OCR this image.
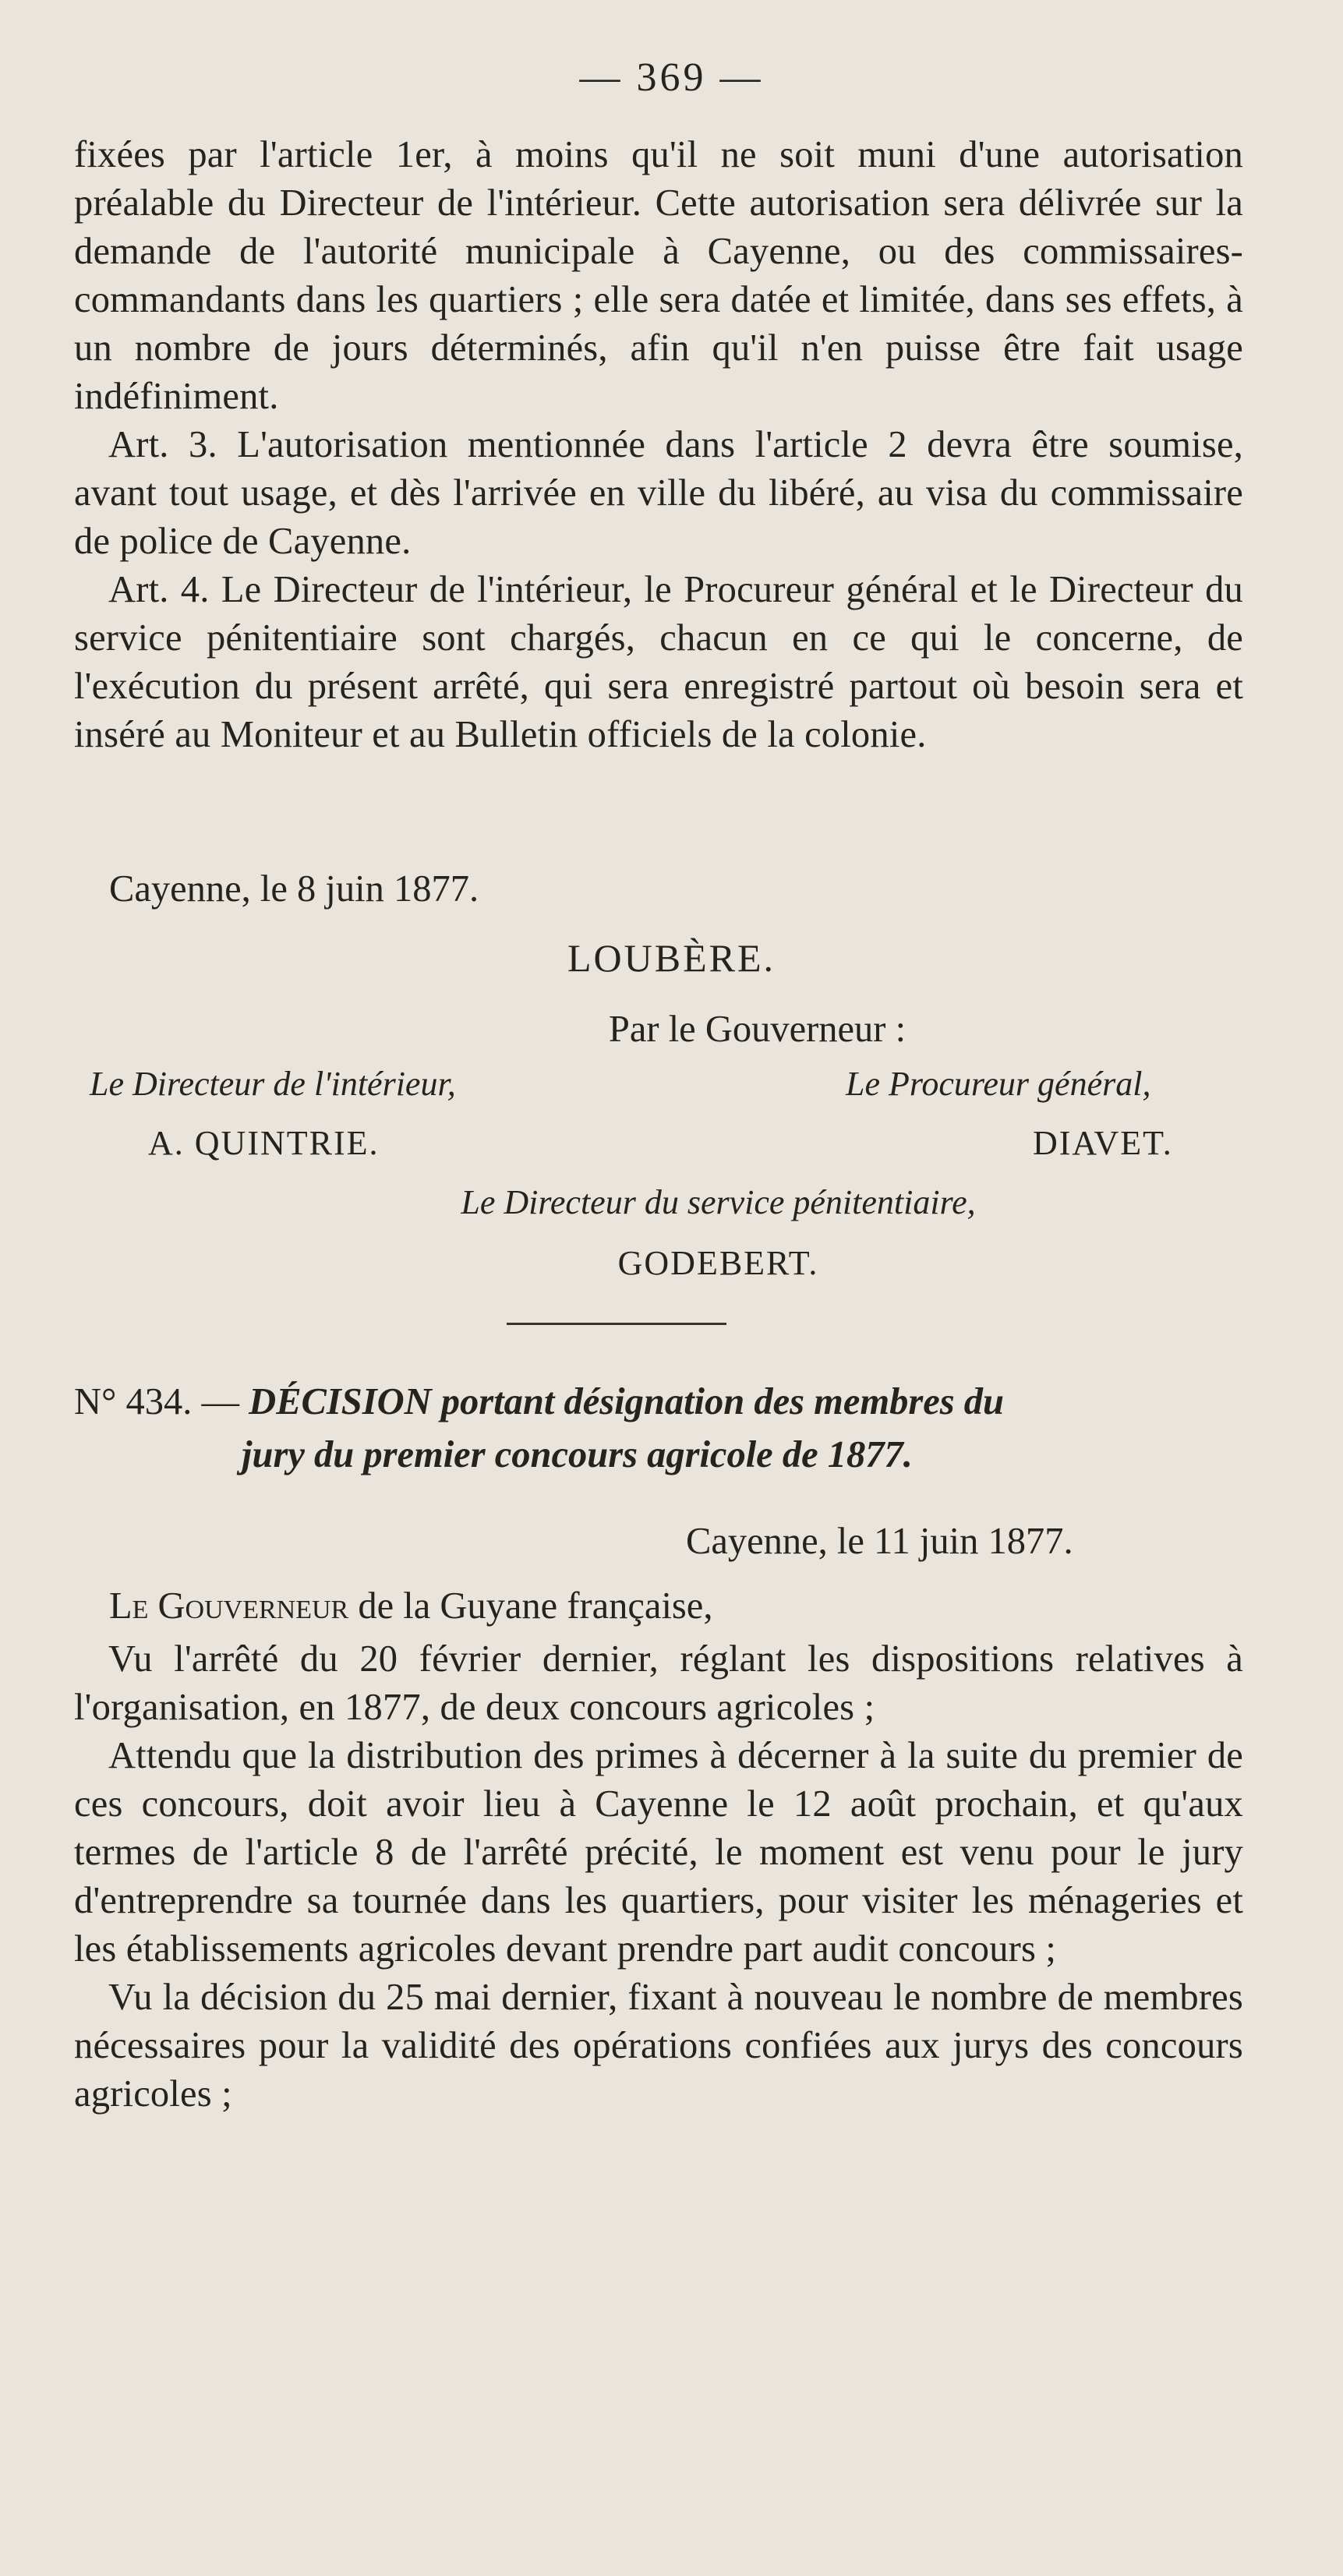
— 369 —

fixées par l'article 1er, à moins qu'il ne soit muni d'une autorisation préalable du Directeur de l'intérieur. Cette autorisation sera délivrée sur la demande de l'autorité municipale à Cayenne, ou des commissaires-commandants dans les quartiers ; elle sera datée et limitée, dans ses effets, à un nombre de jours déterminés, afin qu'il n'en puisse être fait usage indéfiniment.

Art. 3. L'autorisation mentionnée dans l'article 2 devra être soumise, avant tout usage, et dès l'arrivée en ville du libéré, au visa du commissaire de police de Cayenne.

Art. 4. Le Directeur de l'intérieur, le Procureur général et le Directeur du service pénitentiaire sont chargés, chacun en ce qui le concerne, de l'exécution du présent arrêté, qui sera enregistré partout où besoin sera et inséré au Moniteur et au Bulletin officiels de la colonie.

Cayenne, le 8 juin 1877.
LOUBÈRE.
Par le Gouverneur :
Le Directeur de l'intérieur,	Le Procureur général,
A. QUINTRIE.	DIAVET.
Le Directeur du service pénitentiaire,
GODEBERT.
N° 434. — DÉCISION portant désignation des membres du
jury du premier concours agricole de 1877.
Cayenne, le 11 juin 1877.
Le Gouverneur de la Guyane française,

Vu l'arrêté du 20 février dernier, réglant les dispositions relatives à l'organisation, en 1877, de deux concours agricoles ;

Attendu que la distribution des primes à décerner à la suite du premier de ces concours, doit avoir lieu à Cayenne le 12 août prochain, et qu'aux termes de l'article 8 de l'arrêté précité, le moment est venu pour le jury d'entreprendre sa tournée dans les quartiers, pour visiter les ménageries et les établissements agricoles devant prendre part audit concours ;

Vu la décision du 25 mai dernier, fixant à nouveau le nombre de membres nécessaires pour la validité des opérations confiées aux jurys des concours agricoles ;
